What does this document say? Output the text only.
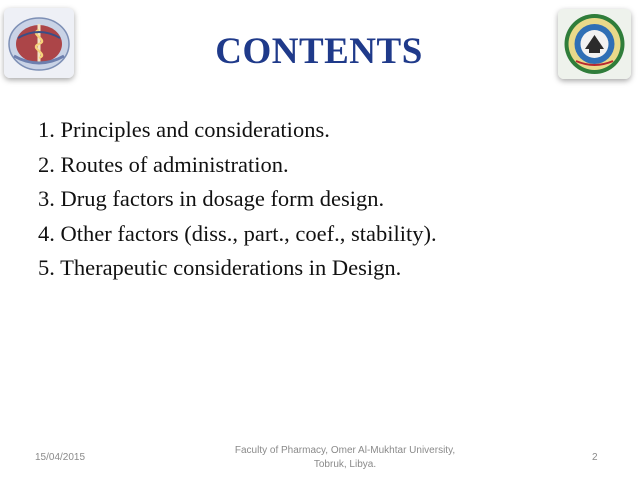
CONTENTS
1. Principles and considerations.
2. Routes of administration.
3. Drug factors in dosage form design.
4. Other factors (diss., part., coef., stability).
5. Therapeutic considerations in Design.
15/04/2015
Faculty of Pharmacy, Omer Al-Mukhtar University,
Tobruk, Libya.
2
